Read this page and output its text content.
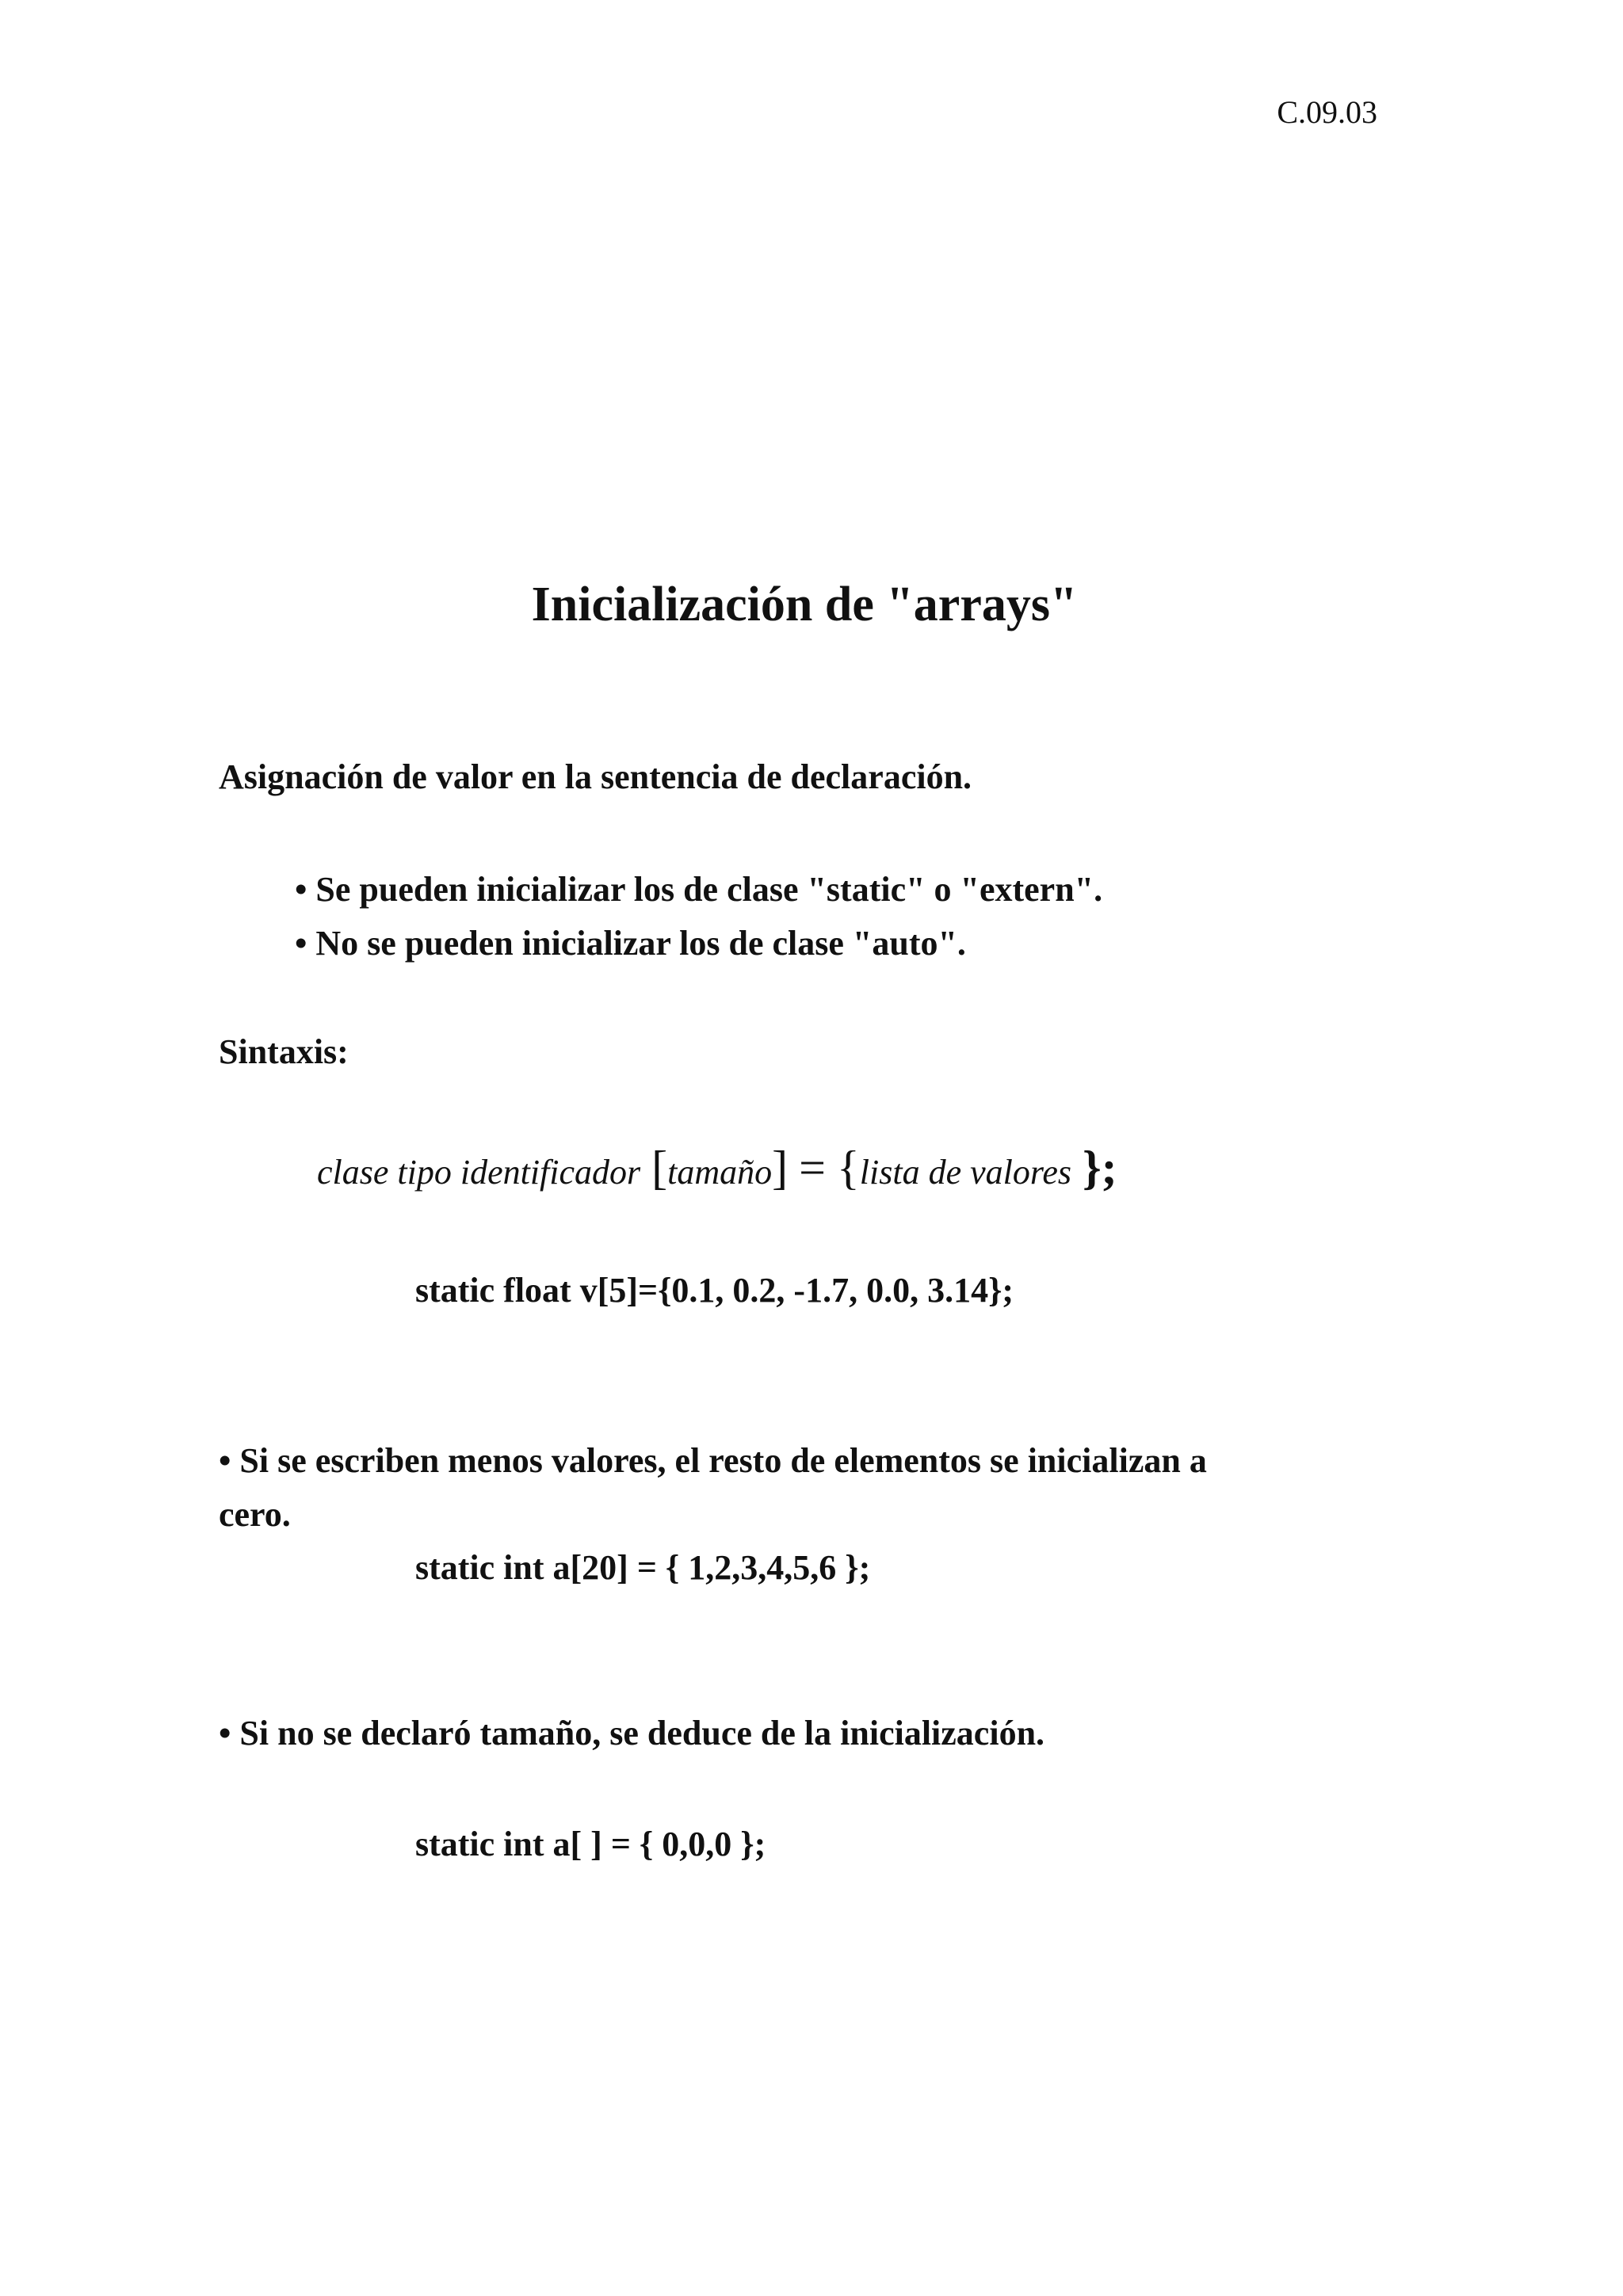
C.09.03
Inicialización de "arrays"
Asignación de valor en la sentencia de declaración.
• Se pueden inicializar los de clase "static" o "extern".
• No se pueden inicializar los de clase "auto".
Sintaxis:
clase tipo identificador [ tamaño ] = { lista de valores };
static float v[5]={0.1, 0.2, -1.7, 0.0, 3.14};
• Si se escriben menos valores, el resto de elementos se inicializan a
cero.
static int a[20] = { 1,2,3,4,5,6 };
• Si no se declaró tamaño, se deduce de la inicialización.
static int a[ ] = { 0,0,0 };
